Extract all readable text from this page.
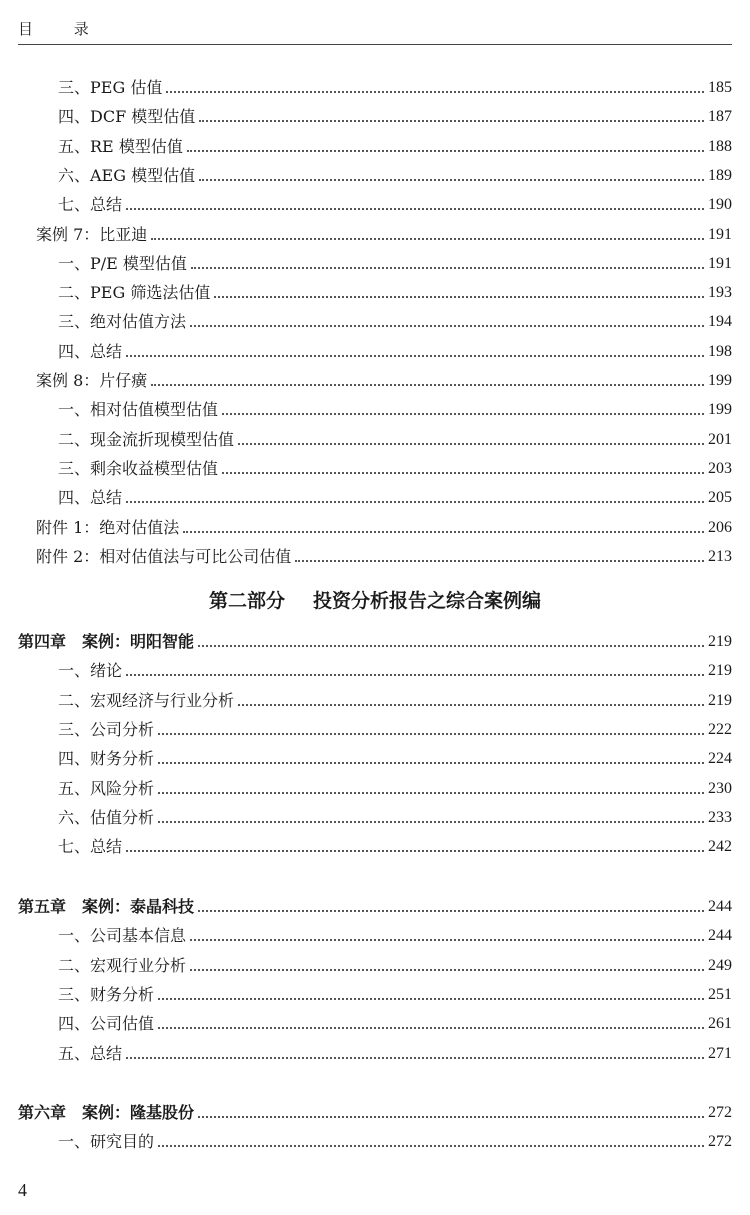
目 录
第二部分 投资分析报告之综合案例编
4
三、PEG 估值	185
四、DCF 模型估值	187
五、RE 模型估值	188
六、AEG 模型估值	189
七、总结	190
案例 7：比亚迪	191
一、P/E 模型估值	191
二、PEG 筛选法估值	193
三、绝对估值方法	194
四、总结	198
案例 8：片仔癀	199
一、相对估值模型估值	199
二、现金流折现模型估值	201
三、剩余收益模型估值	203
四、总结	205
附件 1：绝对估值法	206
附件 2：相对估值法与可比公司估值	213
第四章　案例：明阳智能	219
一、绪论	219
二、宏观经济与行业分析	219
三、公司分析	222
四、财务分析	224
五、风险分析	230
六、估值分析	233
七、总结	242
第五章　案例：泰晶科技	244
一、公司基本信息	244
二、宏观行业分析	249
三、财务分析	251
四、公司估值	261
五、总结	271
第六章　案例：隆基股份	272
一、研究目的	272
